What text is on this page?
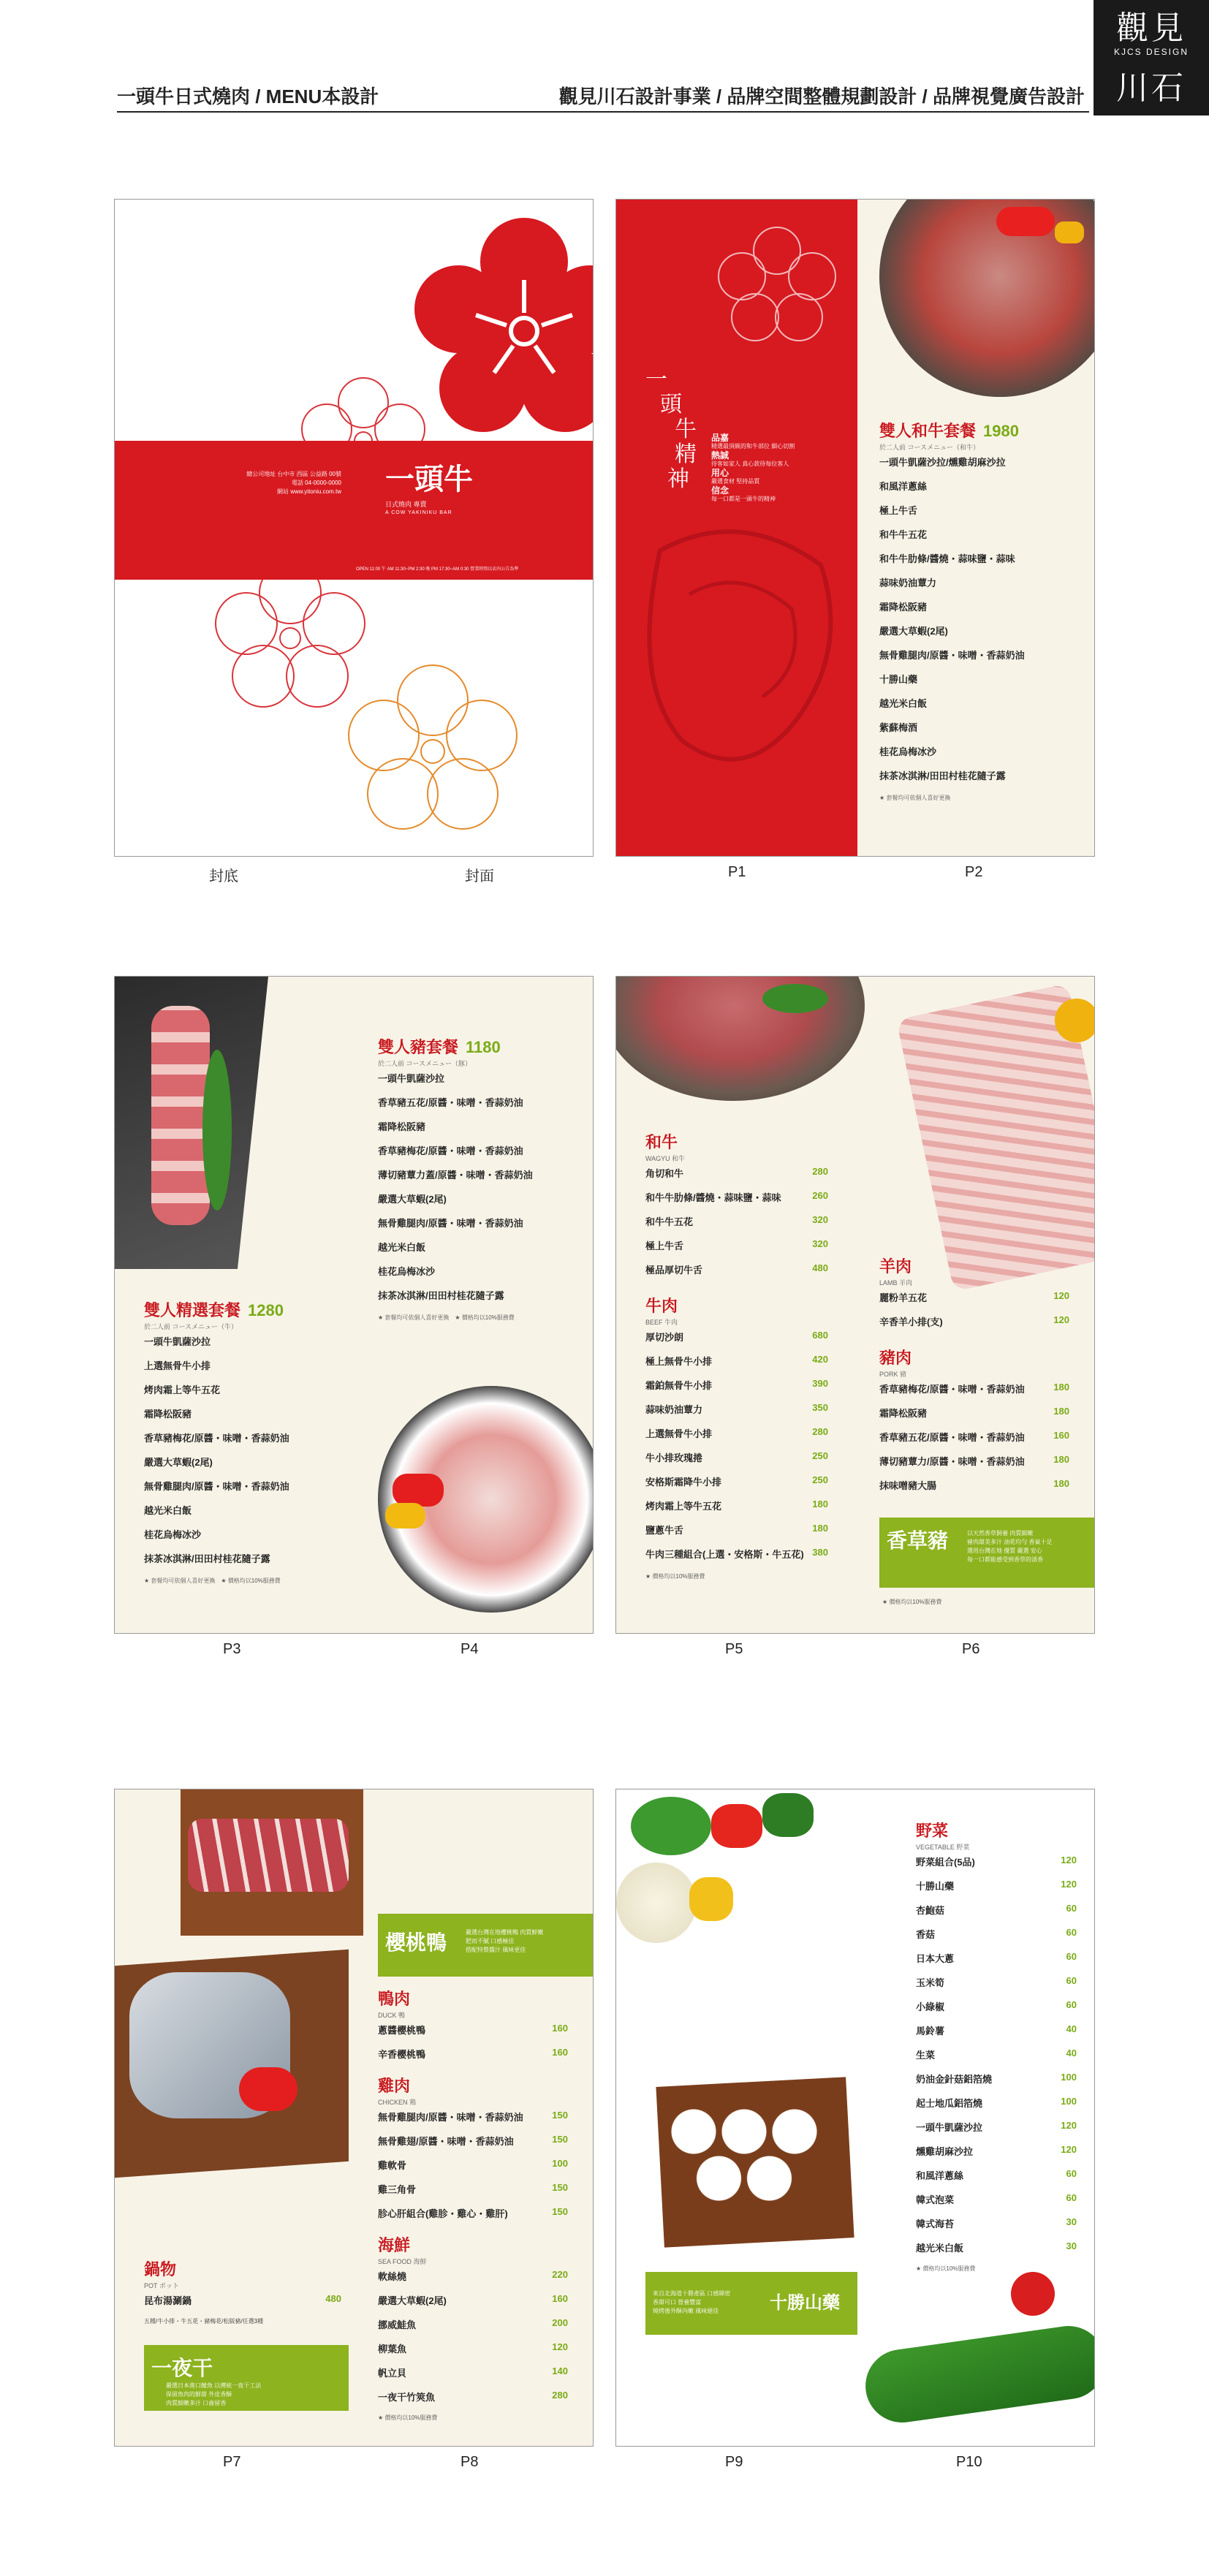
一頭牛日式燒肉 / MENU本設計	觀見川石設計事業 / 品牌空間整體規劃設計 / 品牌視覺廣告設計
觀見
KJCS DESIGN
川石
總公司地址 台中市 西區 公益路 00號
電話 04-0000-0000
網站 www.yitoniu.com.tw 一頭牛
日式燒肉 專賣
A COW YAKINIKU BAR
OPEN 11:00 午 AM 11:30~PM 2:30 晚 PM 17:30~AM 0:30 營業時間以店內公告為準
封底	封面
一
頭
牛
精
神
品嘉
精選最頂級的和牛部位 細心切割
熱誠
待客如家人 真心款待每位客人
用心
嚴選食材 堅持品質
信念
每一口都是一頭牛的精神
雙人和牛套餐 1980
於二人前 コースメニュー（和牛）
一頭牛凱薩沙拉/燻雞胡麻沙拉
和風洋蔥絲
極上牛舌
和牛牛五花
和牛牛肋條/醬燒・蒜味鹽・蒜味
蒜味奶油蕈力
霜降松阪豬
嚴選大草蝦(2尾)
無骨雞腿肉/原醬・味噌・香蒜奶油
十勝山藥
越光米白飯
紫蘇梅酒
桂花烏梅冰沙
抹茶冰淇淋/田田村桂花隨子露
★ 套餐均可依個人喜好更換
P1	P2
雙人精選套餐 1280
於二人前 コースメニュー（牛）
一頭牛凱薩沙拉
上選無骨牛小排
烤肉霜上等牛五花
霜降松阪豬
香草豬梅花/原醬・味噌・香蒜奶油
嚴選大草蝦(2尾)
無骨雞腿肉/原醬・味噌・香蒜奶油
越光米白飯
桂花烏梅冰沙
抹茶冰淇淋/田田村桂花隨子露
★ 套餐均可依個人喜好更換　★ 價格均以10%服務費
雙人豬套餐 1180
於二人前 コースメニュー（豚）
一頭牛凱薩沙拉
香草豬五花/原醬・味噌・香蒜奶油
霜降松阪豬
香草豬梅花/原醬・味噌・香蒜奶油
薄切豬蕈力蓋/原醬・味噌・香蒜奶油
嚴選大草蝦(2尾)
無骨雞腿肉/原醬・味噌・香蒜奶油
越光米白飯
桂花烏梅冰沙
抹茶冰淇淋/田田村桂花隨子露
★ 套餐均可依個人喜好更換　★ 價格均以10%服務費
P3	P4
和牛
WAGYU 和牛
角切和牛	280
和牛牛肋條/醬燒・蒜味鹽・蒜味	260
和牛牛五花	320
極上牛舌	320
極品厚切牛舌	480
牛肉
BEEF 牛肉
厚切沙朗	680
極上無骨牛小排	420
霜鉑無骨牛小排	390
蒜味奶油蕈力	350
上選無骨牛小排	280
牛小排玫瑰捲	250
安格斯霜降牛小排	250
烤肉霜上等牛五花	180
鹽蔥牛舌	180
牛肉三種組合(上選・安格斯・牛五花) 380
★ 價格均以10%服務費
羊肉
LAMB 羊肉
麗粉羊五花	120
辛香羊小排(支)	120
豬肉
PORK 豬
香草豬梅花/原醬・味噌・香蒜奶油	180
霜降松阪豬	180
香草豬五花/原醬・味噌・香蒜奶油	160
薄切豬蕈力/原醬・味噌・香蒜奶油	180
抹味噌豬大腸	180
香草豬	以天然香草飼養 肉質細嫩
豬肉甜美多汁 油花均勻 香氣十足
選用台灣在地 優質 嚴選 安心
每一口都能感受到香草的清香
★ 價格均以10%服務費
P5	P6
櫻桃鴨	嚴選台灣在地櫻桃鴨 肉質鮮嫩
肥而不膩 口感極佳
搭配特製醬汁 風味更佳
鴨肉
DUCK 鴨
蔥醬櫻桃鴨	160
辛香櫻桃鴨	160
雞肉
CHICKEN 鶏
無骨雞腿肉/原醬・味噌・香蒜奶油	150
無骨雞翅/原醬・味噌・香蒜奶油	150
雞軟骨	100
雞三角骨	150
胗心肝組合(雞胗・雞心・雞肝)	150
海鮮
SEA FOOD 海鮮
軟絲燒	220
嚴選大草蝦(2尾)	160
挪威鮭魚	200
柳葉魚	120
帆立貝	140
一夜干竹筴魚	280
★ 價格均以10%服務費
鍋物
POT ポット
昆布湯涮鍋	480
五種/牛小排・牛五花・豬梅花/松阪豬/任選3種
一夜干
嚴選日本進口鯖魚 以傳統一夜干工法
保留魚肉的鮮甜 外皮香酥
肉質細嫩多汁 口齒留香
P7	P8
來自北海道十勝產區 口感綿密
香甜可口 營養豐富
燒烤後外酥內嫩 風味絕佳	十勝山藥
野菜
VEGETABLE 野菜
野菜組合(5品)	120
十勝山藥	120
杏鮑菇	60
香菇	60
日本大蔥	60
玉米筍	60
小綠椒	60
馬鈴薯	40
生菜	40
奶油金針菇鋁箔燒	100
起士地瓜鋁箔燒	100
一頭牛凱薩沙拉	120
燻雞胡麻沙拉	120
和風洋蔥絲	60
韓式泡菜	60
韓式海苔	30
越光米白飯	30
★ 價格均以10%服務費
P9	P10
